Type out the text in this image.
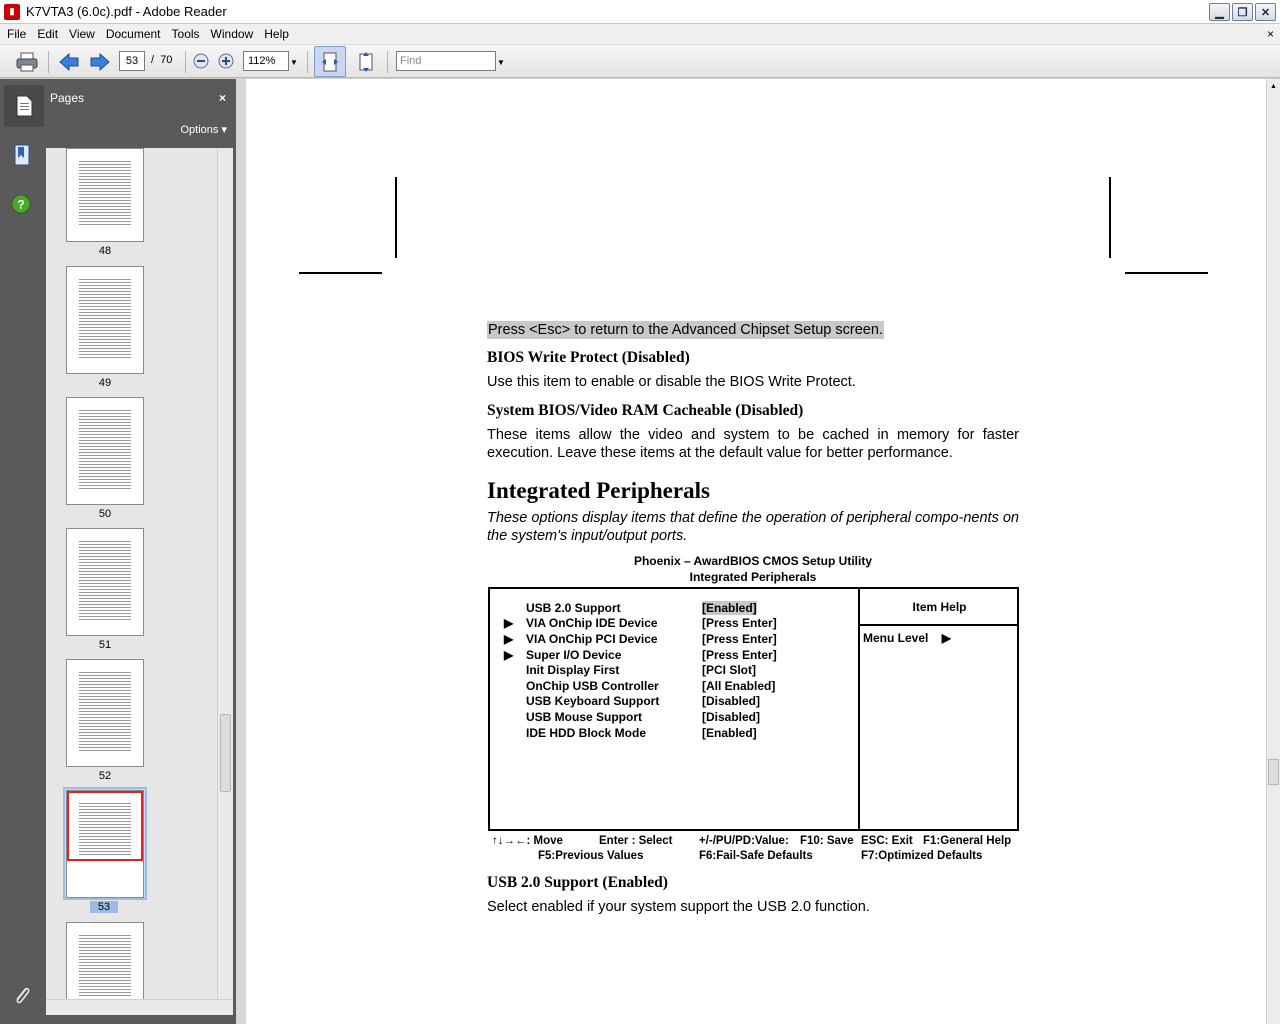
▮ K7VTA3 (6.0c).pdf - Adobe Reader	▁	❐	✕
File Edit View Document Tools Window Help	×
53	/ 70	112%	▼	Find	▼
?
Pages	×
Options ▾
48
49
50
51
52
53
Press <Esc> to return to the Advanced Chipset Setup screen.
BIOS Write Protect (Disabled)
Use this item to enable or disable the BIOS Write Protect.
System BIOS/Video RAM Cacheable (Disabled)
These items allow the video and system to be cached in memory for faster execution. Leave these items at the default value for better performance.
Integrated Peripherals
These options display items that define the operation of peripheral compo-nents on the system's input/output ports.
Phoenix – AwardBIOS CMOS Setup Utility
Integrated Peripherals
Item Help
Menu Level ▶
USB 2.0 Support	[Enabled]
▶ VIA OnChip IDE Device	[Press Enter]
▶ VIA OnChip PCI Device	[Press Enter]
▶ Super I/O Device	[Press Enter]
Init Display First	[PCI Slot]
OnChip USB Controller	[All Enabled]
USB Keyboard Support	[Disabled]
USB Mouse Support	[Disabled]
IDE HDD Block Mode	[Enabled]
↑↓→←: Move	Enter : Select +/-/PU/PD:Value: F10: Save ESC: Exit F1:General Help
F5:Previous Values	F6:Fail-Safe Defaults	F7:Optimized Defaults
USB 2.0 Support (Enabled)
Select enabled if your system support the USB 2.0 function.
▲
